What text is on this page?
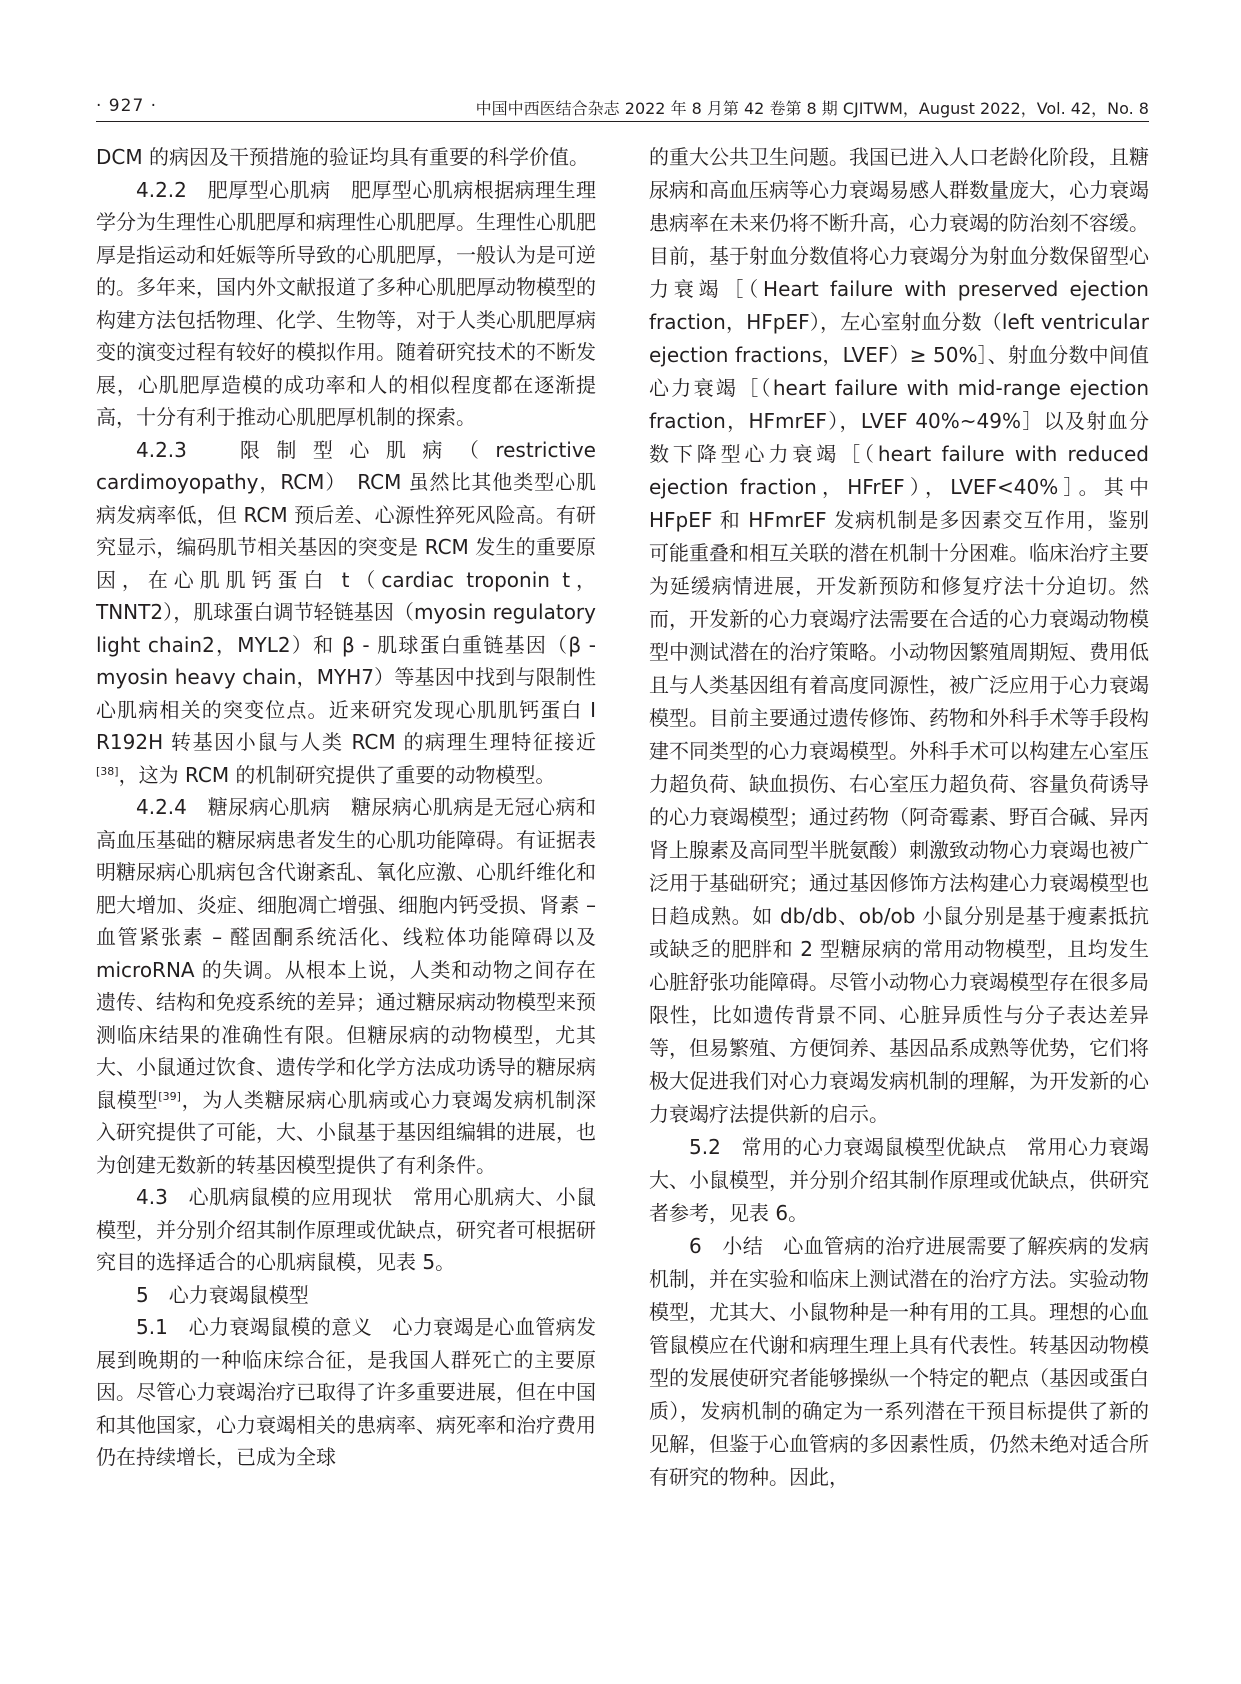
· 927 ·	中国中西医结合杂志 2022 年 8 月第 42 卷第 8 期 CJITWM，August 2022，Vol. 42，No. 8

DCM 的病因及干预措施的验证均具有重要的科学价值。

4.2.2　肥厚型心肌病　肥厚型心肌病根据病理生理学分为生理性心肌肥厚和病理性心肌肥厚。生理性心肌肥厚是指运动和妊娠等所导致的心肌肥厚，一般认为是可逆的。多年来，国内外文献报道了多种心肌肥厚动物模型的构建方法包括物理、化学、生物等，对于人类心肌肥厚病变的演变过程有较好的模拟作用。随着研究技术的不断发展，心肌肥厚造模的成功率和人的相似程度都在逐渐提高，十分有利于推动心肌肥厚机制的探索。

4.2.3　限制型心肌病（restrictive cardimoyopathy，RCM）　RCM 虽然比其他类型心肌病发病率低，但 RCM 预后差、心源性猝死风险高。有研究显示，编码肌节相关基因的突变是 RCM 发生的重要原因，在心肌肌钙蛋白 t（cardiac troponin t，TNNT2），肌球蛋白调节轻链基因（myosin regulatory light chain2，MYL2）和 β - 肌球蛋白重链基因（β -myosin heavy chain，MYH7）等基因中找到与限制性心肌病相关的突变位点。近来研究发现心肌肌钙蛋白 Ⅰ R192H 转基因小鼠与人类 RCM 的病理生理特征接近[38]，这为 RCM 的机制研究提供了重要的动物模型。

4.2.4　糖尿病心肌病　糖尿病心肌病是无冠心病和高血压基础的糖尿病患者发生的心肌功能障碍。有证据表明糖尿病心肌病包含代谢紊乱、氧化应激、心肌纤维化和肥大增加、炎症、细胞凋亡增强、细胞内钙受损、肾素 – 血管紧张素 – 醛固酮系统活化、线粒体功能障碍以及 microRNA 的失调。从根本上说，人类和动物之间存在遗传、结构和免疫系统的差异；通过糖尿病动物模型来预测临床结果的准确性有限。但糖尿病的动物模型，尤其大、小鼠通过饮食、遗传学和化学方法成功诱导的糖尿病鼠模型[39]，为人类糖尿病心肌病或心力衰竭发病机制深入研究提供了可能，大、小鼠基于基因组编辑的进展，也为创建无数新的转基因模型提供了有利条件。

4.3　心肌病鼠模的应用现状　常用心肌病大、小鼠模型，并分别介绍其制作原理或优缺点，研究者可根据研究目的选择适合的心肌病鼠模，见表 5。

5　心力衰竭鼠模型

5.1　心力衰竭鼠模的意义　心力衰竭是心血管病发展到晚期的一种临床综合征，是我国人群死亡的主要原因。尽管心力衰竭治疗已取得了许多重要进展，但在中国和其他国家，心力衰竭相关的患病率、病死率和治疗费用仍在持续增长，已成为全球

的重大公共卫生问题。我国已进入人口老龄化阶段，且糖尿病和高血压病等心力衰竭易感人群数量庞大，心力衰竭患病率在未来仍将不断升高，心力衰竭的防治刻不容缓。目前，基于射血分数值将心力衰竭分为射血分数保留型心力衰竭［（Heart failure with preserved ejection fraction，HFpEF），左心室射血分数（left ventricular ejection fractions，LVEF）≥ 50%］、射血分数中间值心力衰竭［（heart failure with mid-range ejection fraction，HFmrEF），LVEF 40%~49%］以及射血分数下降型心力衰竭［（heart failure with reduced ejection fraction，HFrEF），LVEF<40%］。其中 HFpEF 和 HFmrEF 发病机制是多因素交互作用，鉴别可能重叠和相互关联的潜在机制十分困难。临床治疗主要为延缓病情进展，开发新预防和修复疗法十分迫切。然而，开发新的心力衰竭疗法需要在合适的心力衰竭动物模型中测试潜在的治疗策略。小动物因繁殖周期短、费用低且与人类基因组有着高度同源性，被广泛应用于心力衰竭模型。目前主要通过遗传修饰、药物和外科手术等手段构建不同类型的心力衰竭模型。外科手术可以构建左心室压力超负荷、缺血损伤、右心室压力超负荷、容量负荷诱导的心力衰竭模型；通过药物（阿奇霉素、野百合碱、异丙肾上腺素及高同型半胱氨酸）刺激致动物心力衰竭也被广泛用于基础研究；通过基因修饰方法构建心力衰竭模型也日趋成熟。如 db/db、ob/ob 小鼠分别是基于瘦素抵抗或缺乏的肥胖和 2 型糖尿病的常用动物模型，且均发生心脏舒张功能障碍。尽管小动物心力衰竭模型存在很多局限性，比如遗传背景不同、心脏异质性与分子表达差异等，但易繁殖、方便饲养、基因品系成熟等优势，它们将极大促进我们对心力衰竭发病机制的理解，为开发新的心力衰竭疗法提供新的启示。

5.2　常用的心力衰竭鼠模型优缺点　常用心力衰竭大、小鼠模型，并分别介绍其制作原理或优缺点，供研究者参考，见表 6。

6　小结　心血管病的治疗进展需要了解疾病的发病机制，并在实验和临床上测试潜在的治疗方法。实验动物模型，尤其大、小鼠物种是一种有用的工具。理想的心血管鼠模应在代谢和病理生理上具有代表性。转基因动物模型的发展使研究者能够操纵一个特定的靶点（基因或蛋白质），发病机制的确定为一系列潜在干预目标提供了新的见解，但鉴于心血管病的多因素性质，仍然未绝对适合所有研究的物种。因此，
